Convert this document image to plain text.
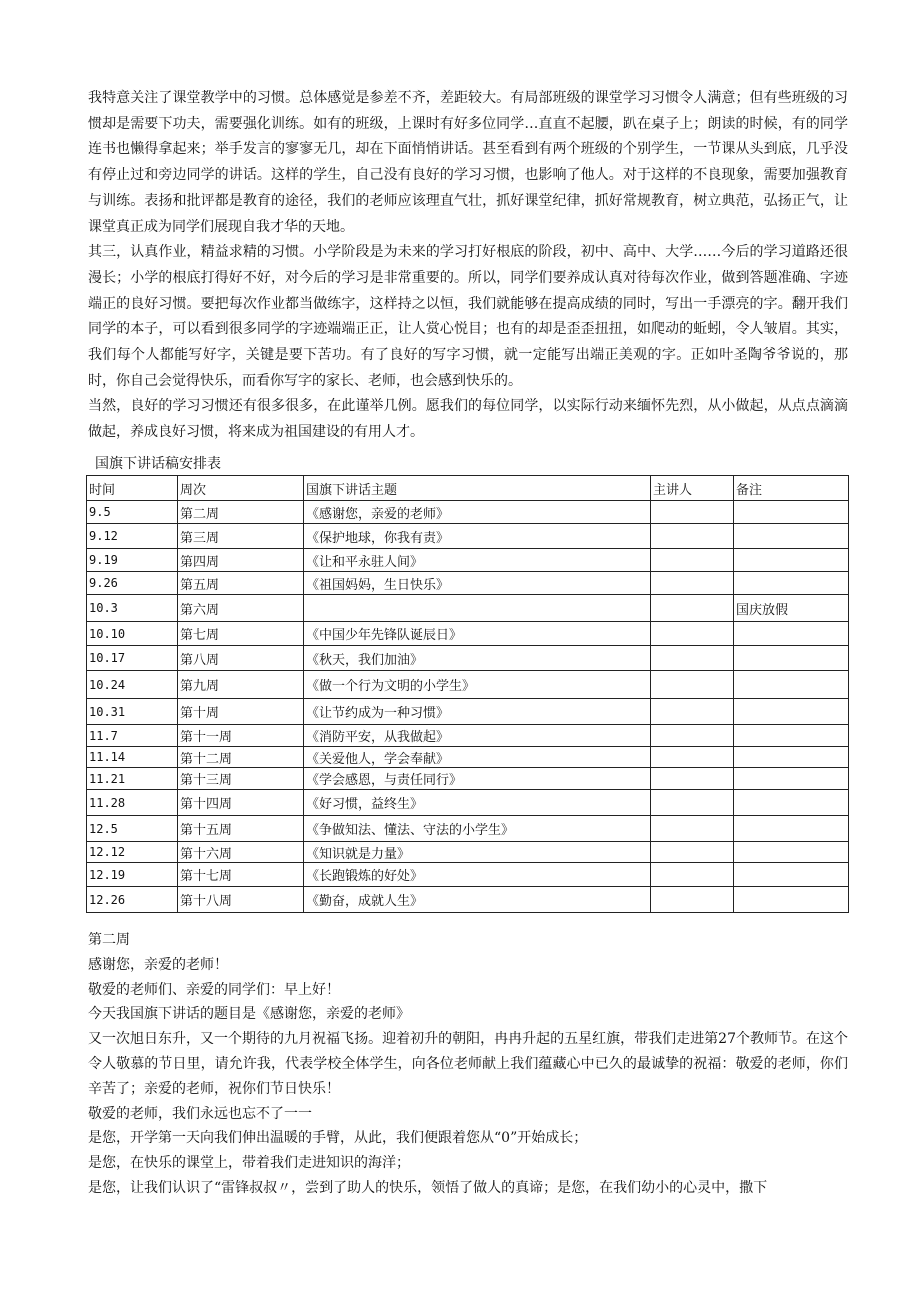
我特意关注了课堂教学中的习惯。总体感觉是参差不齐，差距较大。有局部班级的课堂学习习惯令人满意；但有些班级的习惯却是需要下功夫，需要强化训练。如有的班级，上课时有好多位同学…直直不起腰，趴在桌子上；朗读的时候，有的同学连书也懒得拿起来；举手发言的寥寥无几，却在下面悄悄讲话。甚至看到有两个班级的个别学生，一节课从头到底，几乎没有停止过和旁边同学的讲话。这样的学生，自己没有良好的学习习惯，也影响了他人。对于这样的不良现象，需要加强教育与训练。表扬和批评都是教育的途径，我们的老师应该理直气壮，抓好课堂纪律，抓好常规教育，树立典范，弘扬正气，让课堂真正成为同学们展现自我才华的天地。

其三，认真作业，精益求精的习惯。小学阶段是为未来的学习打好根底的阶段，初中、高中、大学……今后的学习道路还很漫长；小学的根底打得好不好，对今后的学习是非常重要的。所以，同学们要养成认真对待每次作业，做到答题准确、字迹端正的良好习惯。要把每次作业都当做练字，这样持之以恒，我们就能够在提高成绩的同时，写出一手漂亮的字。翻开我们同学的本子，可以看到很多同学的字迹端端正正，让人赏心悦目；也有的却是歪歪扭扭，如爬动的蚯蚓，令人皱眉。其实，我们每个人都能写好字，关键是要下苦功。有了良好的写字习惯，就一定能写出端正美观的字。正如叶圣陶爷爷说的，那时，你自己会觉得快乐，而看你写字的家长、老师，也会感到快乐的。

当然，良好的学习习惯还有很多很多，在此谨举几例。愿我们的每位同学，以实际行动来缅怀先烈，从小做起，从点点滴滴做起，养成良好习惯，将来成为祖国建设的有用人才。

国旗下讲话稿安排表

时间	周次	国旗下讲话主题	主讲人	备注
9.5	第二周	《感谢您，亲爱的老师》		
9.12	第三周	《保护地球，你我有责》		
9.19	第四周	《让和平永驻人间》		
9.26	第五周	《祖国妈妈，生日快乐》		
10.3	第六周			国庆放假
10.10	第七周	《中国少年先锋队诞辰日》		
10.17	第八周	《秋天，我们加油》		
10.24	第九周	《做一个行为文明的小学生》		
10.31	第十周	《让节约成为一种习惯》		
11.7	第十一周	《消防平安，从我做起》		
11.14	第十二周	《关爱他人，学会奉献》		
11.21	第十三周	《学会感恩，与责任同行》		
11.28	第十四周	《好习惯，益终生》		
12.5	第十五周	《争做知法、懂法、守法的小学生》		
12.12	第十六周	《知识就是力量》		
12.19	第十七周	《长跑锻炼的好处》		
12.26	第十八周	《勤奋，成就人生》		

第二周

感谢您，亲爱的老师！

敬爱的老师们、亲爱的同学们：早上好！

今天我国旗下讲话的题目是《感谢您，亲爱的老师》

又一次旭日东升，又一个期待的九月祝福飞扬。迎着初升的朝阳，冉冉升起的五星红旗，带我们走进第27个教师节。在这个令人敬慕的节日里，请允许我，代表学校全体学生，向各位老师献上我们蕴藏心中已久的最诚挚的祝福：敬爱的老师，你们辛苦了；亲爱的老师，祝你们节日快乐！

敬爱的老师，我们永远也忘不了一一

是您，开学第一天向我们伸出温暖的手臂，从此，我们便跟着您从“0”开始成长；

是您，在快乐的课堂上，带着我们走进知识的海洋；

是您，让我们认识了“雷锋叔叔〃，尝到了助人的快乐，领悟了做人的真谛；是您，在我们幼小的心灵中，撒下
